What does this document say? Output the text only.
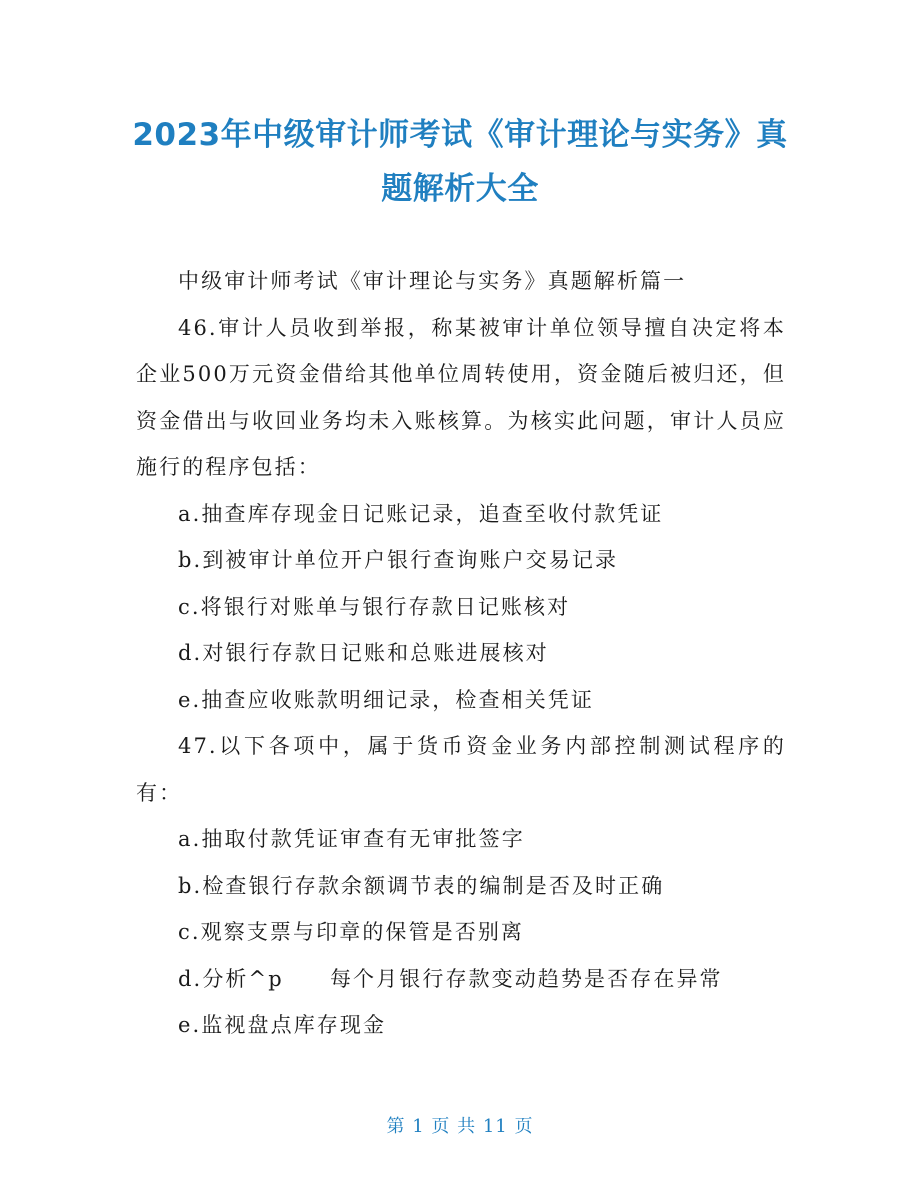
2023年中级审计师考试《审计理论与实务》真题解析大全

中级审计师考试《审计理论与实务》真题解析篇一

46.审计人员收到举报，称某被审计单位领导擅自决定将本企业500万元资金借给其他单位周转使用，资金随后被归还，但资金借出与收回业务均未入账核算。为核实此问题，审计人员应施行的程序包括：

a.抽查库存现金日记账记录，追查至收付款凭证

b.到被审计单位开户银行查询账户交易记录

c.将银行对账单与银行存款日记账核对

d.对银行存款日记账和总账进展核对

e.抽查应收账款明细记录，检查相关凭证

47.以下各项中，属于货币资金业务内部控制测试程序的有：

a.抽取付款凭证审查有无审批签字

b.检查银行存款余额调节表的编制是否及时正确

c.观察支票与印章的保管是否别离

d.分析^p　　每个月银行存款变动趋势是否存在异常

e.监视盘点库存现金

第 1 页 共 11 页
